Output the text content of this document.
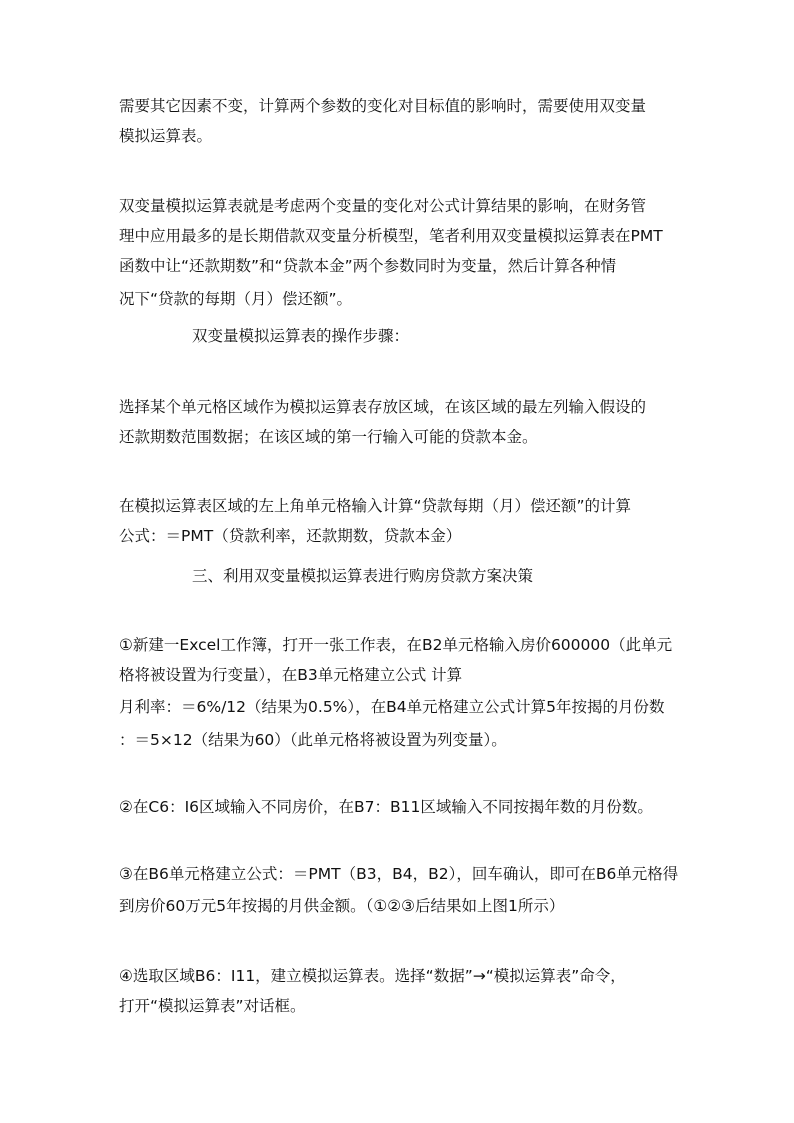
需要其它因素不变，计算两个参数的变化对目标值的影响时，需要使用双变量
模拟运算表。
双变量模拟运算表就是考虑两个变量的变化对公式计算结果的影响，在财务管
理中应用最多的是长期借款双变量分析模型，笔者利用双变量模拟运算表在PMT
函数中让“还款期数”和“贷款本金”两个参数同时为变量，然后计算各种情
况下“贷款的每期（月）偿还额”。
双变量模拟运算表的操作步骤：
选择某个单元格区域作为模拟运算表存放区域，在该区域的最左列输入假设的
还款期数范围数据；在该区域的第一行输入可能的贷款本金。
在模拟运算表区域的左上角单元格输入计算“贷款每期（月）偿还额”的计算
公式：＝PMT（贷款利率，还款期数，贷款本金）
三、利用双变量模拟运算表进行购房贷款方案决策
①新建一Excel工作簿，打开一张工作表，在B2单元格输入房价600000（此单元
格将被设置为行变量），在B3单元格建立公式 计算
月利率：＝6%/12（结果为0.5%），在B4单元格建立公式计算5年按揭的月份数
：＝5×12（结果为60）（此单元格将被设置为列变量）。
②在C6：I6区域输入不同房价，在B7：B11区域输入不同按揭年数的月份数。
③在B6单元格建立公式：＝PMT（B3，B4，B2），回车确认，即可在B6单元格得
到房价60万元5年按揭的月供金额。（①②③后结果如上图1所示）
④选取区域B6：I11，建立模拟运算表。选择“数据”→“模拟运算表”命令，
打开“模拟运算表”对话框。
